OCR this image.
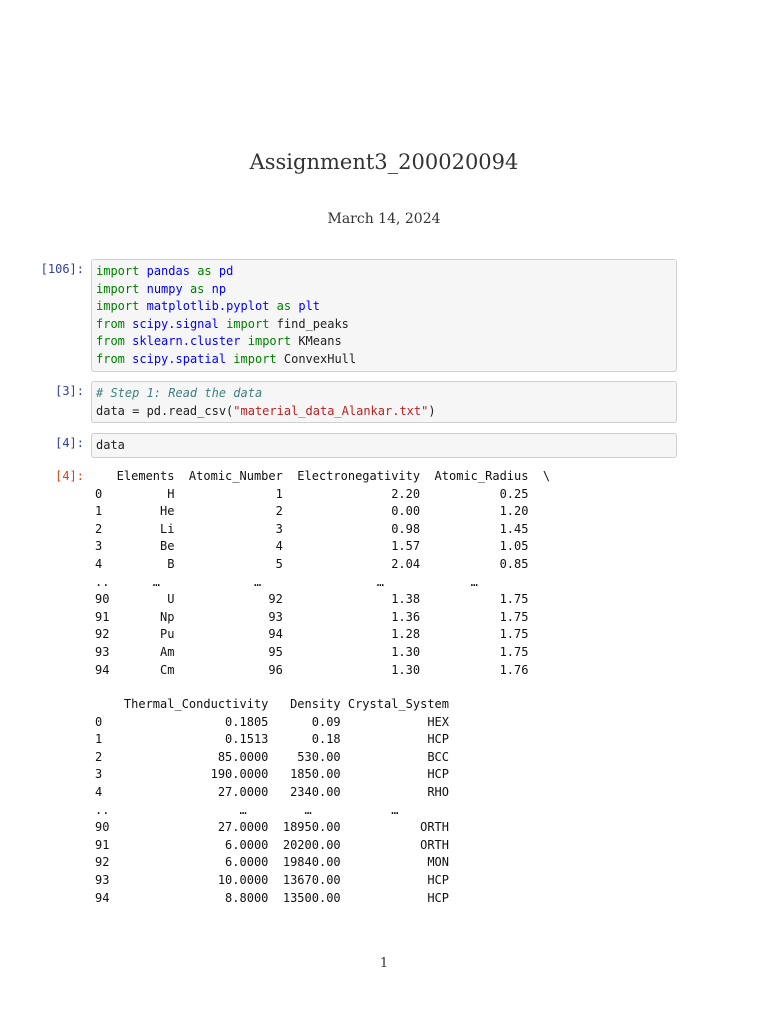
Assignment3_200020094
March 14, 2024
[106]: import pandas as pd
import numpy as np
import matplotlib.pyplot as plt
from scipy.signal import find_peaks
from sklearn.cluster import KMeans
from scipy.spatial import ConvexHull
[3]: # Step 1: Read the data
data = pd.read_csv("material_data_Alankar.txt")
[4]: data
[4]: Elements  Atomic_Number  Electronegativity  Atomic_Radius  \
0         H              1               2.20           0.25
1        He              2               0.00           1.20
2        Li              3               0.98           1.45
3        Be              4               1.57           1.05
4         B              5               2.04           0.85
..      …             …                …            …
90        U             92               1.38           1.75
91       Np             93               1.36           1.75
92       Pu             94               1.28           1.75
93       Am             95               1.30           1.75
94       Cm             96               1.30           1.76
Thermal_Conductivity   Density Crystal_System
0                 0.1805      0.09            HEX
1                 0.1513      0.18            HCP
2                85.0000    530.00            BCC
3               190.0000   1850.00            HCP
4                27.0000   2340.00            RHO
..                  …        …           …
90               27.0000  18950.00           ORTH
91                6.0000  20200.00           ORTH
92                6.0000  19840.00            MON
93               10.0000  13670.00            HCP
94                8.8000  13500.00            HCP
1
